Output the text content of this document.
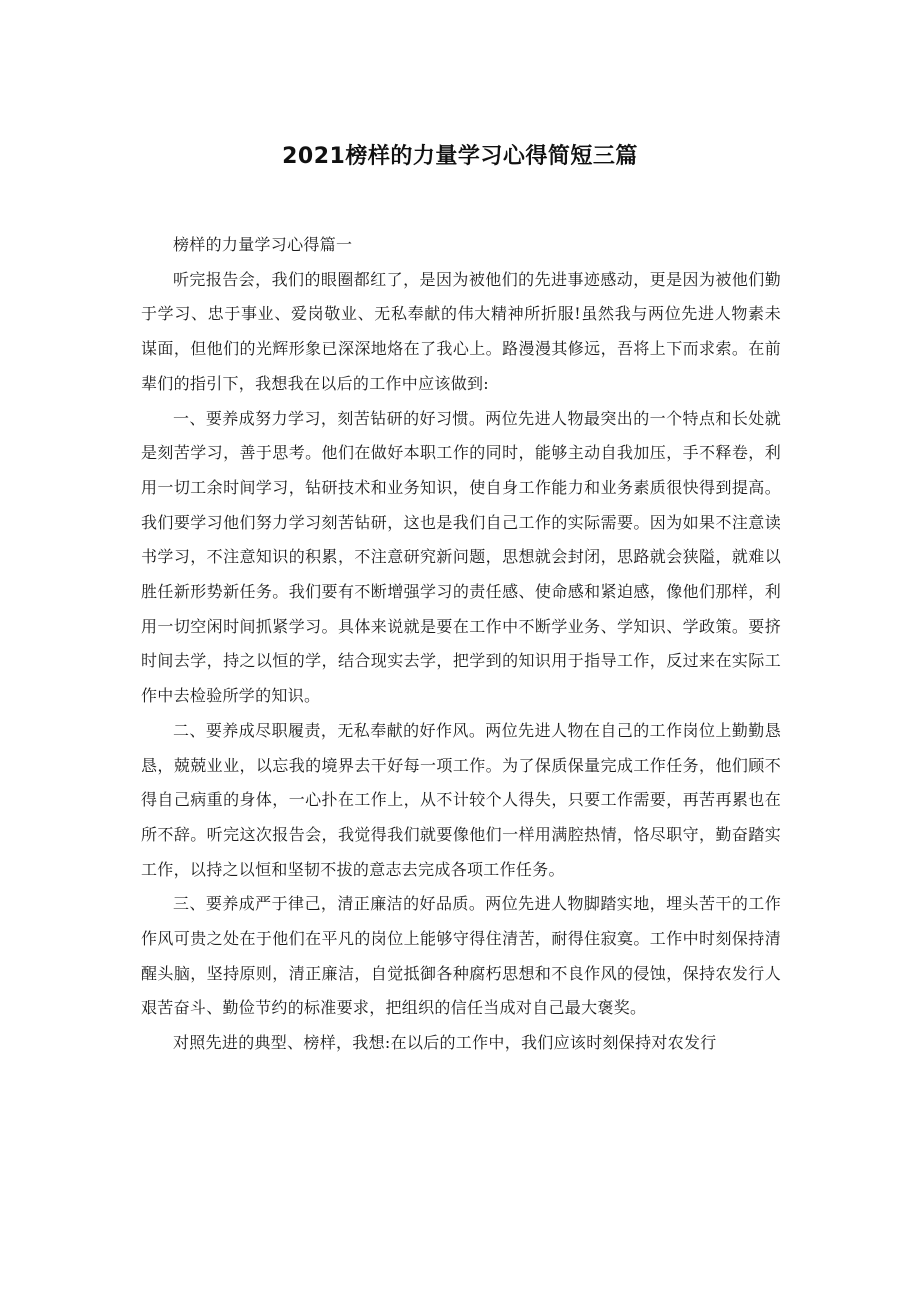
2021榜样的力量学习心得简短三篇

榜样的力量学习心得篇一

听完报告会，我们的眼圈都红了，是因为被他们的先进事迹感动，更是因为被他们勤于学习、忠于事业、爱岗敬业、无私奉献的伟大精神所折服!虽然我与两位先进人物素未谋面，但他们的光辉形象已深深地烙在了我心上。路漫漫其修远，吾将上下而求索。在前辈们的指引下，我想我在以后的工作中应该做到:

一、要养成努力学习，刻苦钻研的好习惯。两位先进人物最突出的一个特点和长处就是刻苦学习，善于思考。他们在做好本职工作的同时，能够主动自我加压，手不释卷，利用一切工余时间学习，钻研技术和业务知识，使自身工作能力和业务素质很快得到提高。我们要学习他们努力学习刻苦钻研，这也是我们自己工作的实际需要。因为如果不注意读书学习，不注意知识的积累，不注意研究新问题，思想就会封闭，思路就会狭隘，就难以胜任新形势新任务。我们要有不断增强学习的责任感、使命感和紧迫感，像他们那样，利用一切空闲时间抓紧学习。具体来说就是要在工作中不断学业务、学知识、学政策。要挤时间去学，持之以恒的学，结合现实去学，把学到的知识用于指导工作，反过来在实际工作中去检验所学的知识。

二、要养成尽职履责，无私奉献的好作风。两位先进人物在自己的工作岗位上勤勤恳恳，兢兢业业，以忘我的境界去干好每一项工作。为了保质保量完成工作任务，他们顾不得自己病重的身体，一心扑在工作上，从不计较个人得失，只要工作需要，再苦再累也在所不辞。听完这次报告会，我觉得我们就要像他们一样用满腔热情，恪尽职守，勤奋踏实工作，以持之以恒和坚韧不拔的意志去完成各项工作任务。

三、要养成严于律己，清正廉洁的好品质。两位先进人物脚踏实地，埋头苦干的工作作风可贵之处在于他们在平凡的岗位上能够守得住清苦，耐得住寂寞。工作中时刻保持清醒头脑，坚持原则，清正廉洁，自觉抵御各种腐朽思想和不良作风的侵蚀，保持农发行人艰苦奋斗、勤俭节约的标准要求，把组织的信任当成对自己最大褒奖。

对照先进的典型、榜样，我想:在以后的工作中，我们应该时刻保持对农发行
